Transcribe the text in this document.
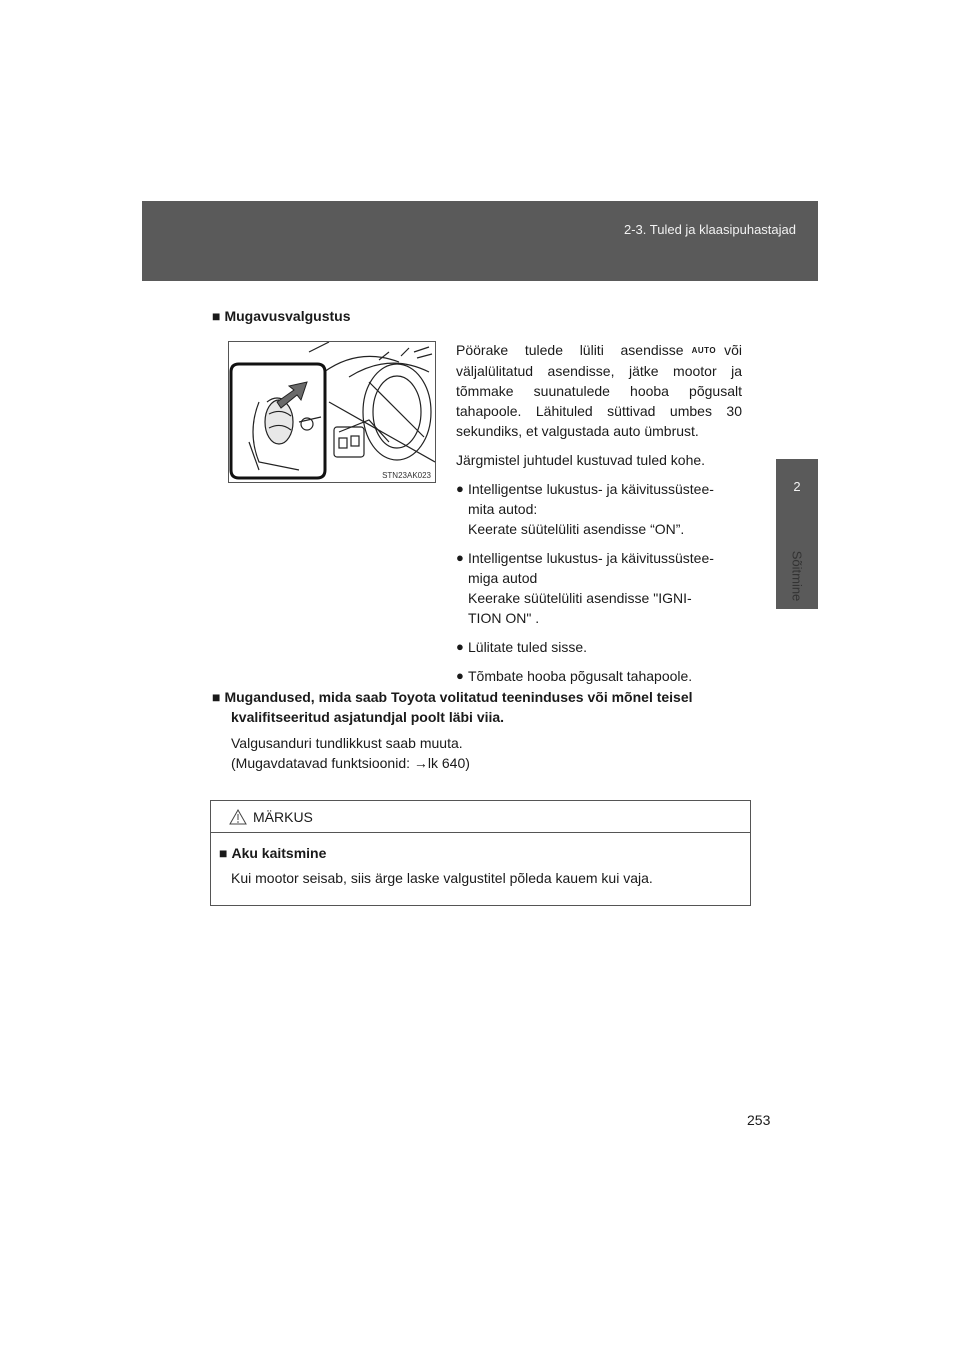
2-3. Tuled ja klaasipuhastajad
2
Sõitmine
■ Mugavusvalgustus
STN23AK023

Pöörake tulede lüliti asendisse AUTO või väljalülitatud asendisse, jätke mootor ja tõmmake suunatulede hooba põgusalt tahapoole. Lähituled süttivad umbes 30 sekundiks, et valgustada auto ümbrust.

Järgmistel juhtudel kustuvad tuled kohe.

● Intelligentse lukustus- ja käivitussüstee-
mita autod:
Keerate süütelüliti asendisse “ON”.
● Intelligentse lukustus- ja käivitussüstee-
miga autod
Keerake süütelüliti asendisse "IGNI-
TION ON" .
● Lülitate tuled sisse.
● Tõmbate hooba põgusalt tahapoole.
■ Mugandused, mida saab Toyota volitatud teeninduses või mõnel teisel
kvalifitseeritud asjatundjal poolt läbi viia.
Valgusanduri tundlikkust saab muuta.
(Mugavdatavad funktsioonid: →lk 640)
MÄRKUS
■ Aku kaitsmine
Kui mootor seisab, siis ärge laske valgustitel põleda kauem kui vaja.
253
